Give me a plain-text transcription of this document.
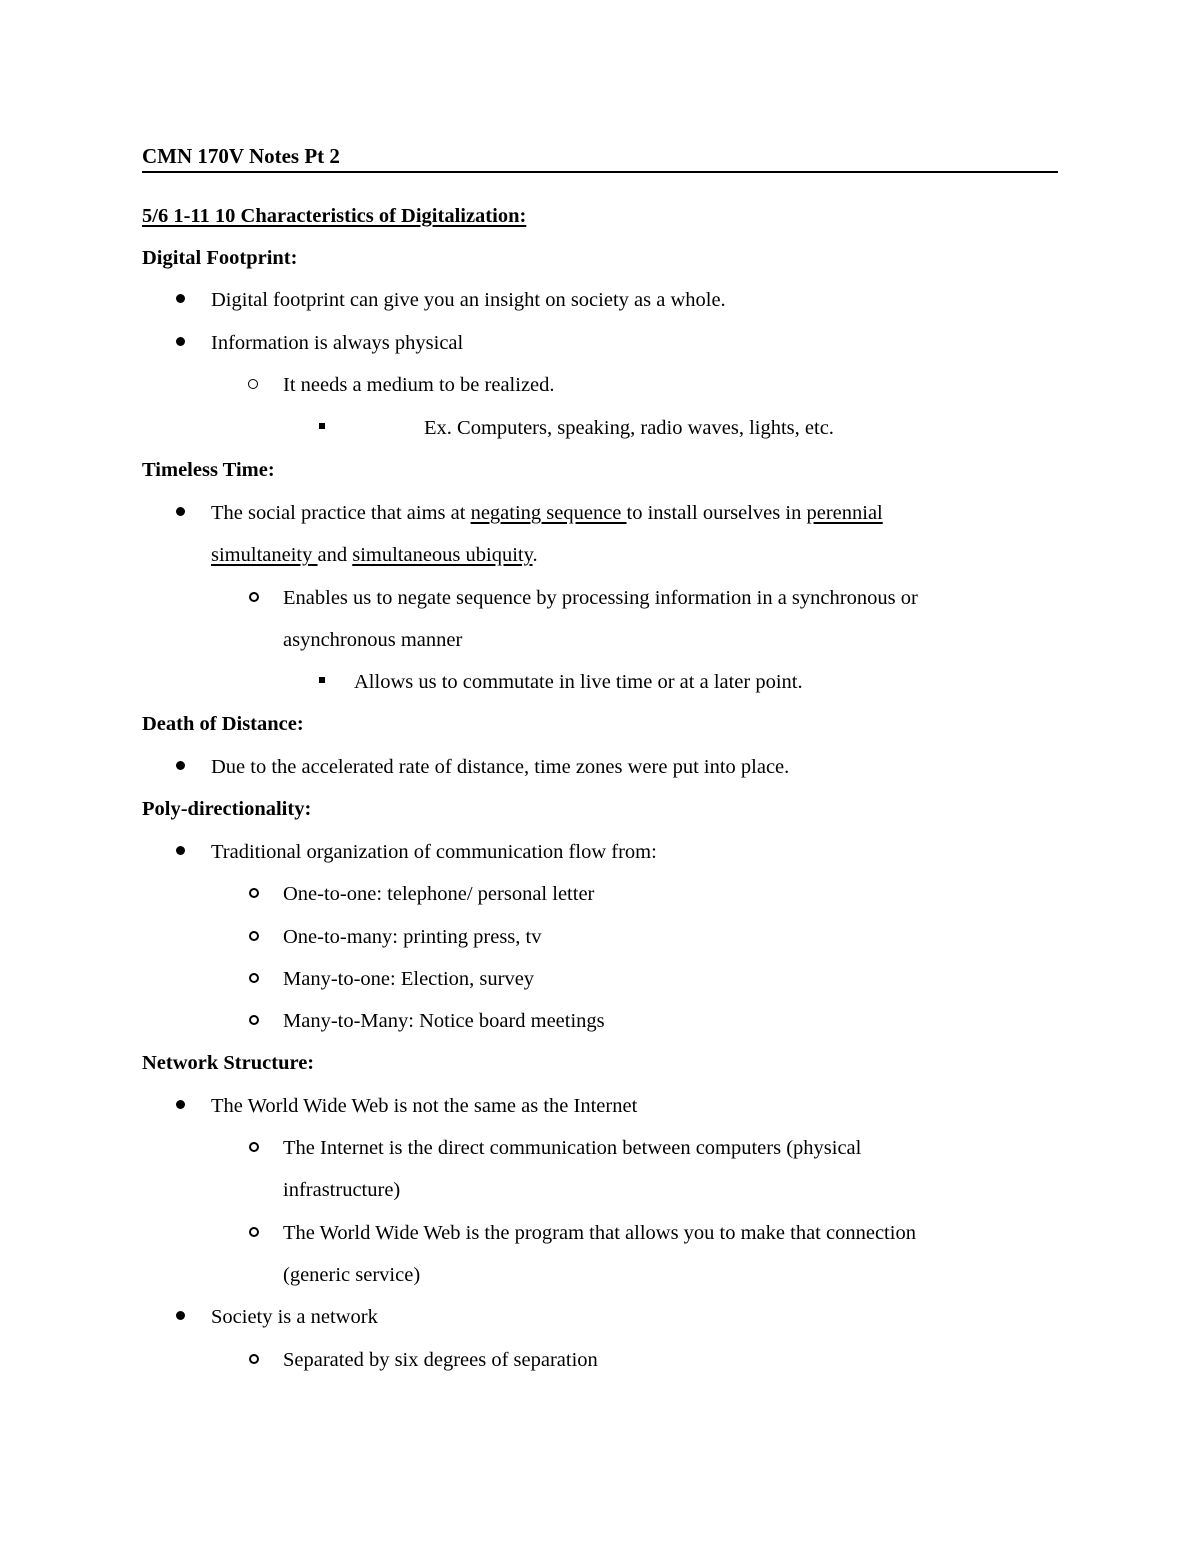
CMN 170V Notes Pt 2
5/6 1-11 10 Characteristics of Digitalization:
Digital Footprint:
Digital footprint can give you an insight on society as a whole.
Information is always physical
It needs a medium to be realized.
Ex. Computers, speaking, radio waves, lights, etc.
Timeless Time:
The social practice that aims at negating sequence to install ourselves in perennial
simultaneity and simultaneous ubiquity.
Enables us to negate sequence by processing information in a synchronous or
asynchronous manner
Allows us to commutate in live time or at a later point.
Death of Distance:
Due to the accelerated rate of distance, time zones were put into place.
Poly-directionality:
Traditional organization of communication flow from:
One-to-one: telephone/ personal letter
One-to-many: printing press, tv
Many-to-one: Election, survey
Many-to-Many: Notice board meetings
Network Structure:
The World Wide Web is not the same as the Internet
The Internet is the direct communication between computers (physical
infrastructure)
The World Wide Web is the program that allows you to make that connection
(generic service)
Society is a network
Separated by six degrees of separation
